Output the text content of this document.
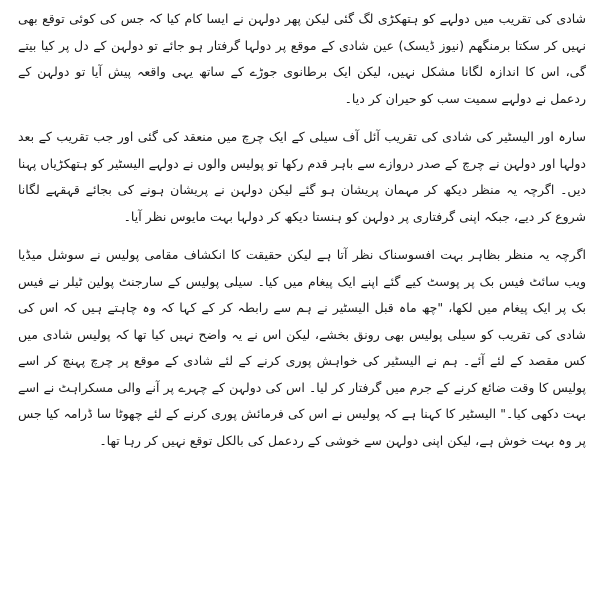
شادی کی تقریب میں دولہے کو ہتھکڑی لگ گئی لیکن پھر دولہن نے ایسا کام کیا کہ جس کی کوئی توقع بھی نہیں کر سکتا برمنگھم (نیوز ڈیسک) عین شادی کے موقع پر دولہا گرفتار ہو جائے تو دولہن کے دل پر کیا بیتے گی، اس کا اندازہ لگانا مشکل نہیں، لیکن ایک برطانوی جوڑے کے ساتھ یہی واقعہ پیش آیا تو دولہن کے ردعمل نے دولہے سمیت سب کو حیران کر دیا۔

سارہ اور الیسٹیر کی شادی کی تقریب آئل آف سیلی کے ایک چرچ میں منعقد کی گئی اور جب تقریب کے بعد دولہا اور دولہن نے چرچ کے صدر دروازے سے باہر قدم رکھا تو پولیس والوں نے دولہے الیسٹیر کو ہتھکڑیاں پہنا دیں۔ اگرچہ یہ منظر دیکھ کر مہمان پریشان ہو گئے لیکن دولہن نے پریشان ہونے کی بجائے قہقہے لگانا شروع کر دیے، جبکہ اپنی گرفتاری پر دولہن کو ہنستا دیکھ کر دولہا بہت مایوس نظر آیا۔

اگرچہ یہ منظر بظاہر بہت افسوسناک نظر آتا ہے لیکن حقیقت کا انکشاف مقامی پولیس نے سوشل میڈیا ویب سائٹ فیس بک پر پوسٹ کیے گئے اپنے ایک پیغام میں کیا۔ سیلی پولیس کے سارجنٹ پولین ٹیلر نے فیس بک پر ایک پیغام میں لکھا، "چھ ماہ قبل الیسٹیر نے ہم سے رابطہ کر کے کہا کہ وہ چاہتے ہیں کہ اس کی شادی کی تقریب کو سیلی پولیس بھی رونق بخشے، لیکن اس نے یہ واضح نہیں کیا تھا کہ پولیس شادی میں کس مقصد کے لئے آئے۔ ہم نے الیسٹیر کی خواہش پوری کرنے کے لئے شادی کے موقع پر چرچ پہنچ کر اسے پولیس کا وقت ضائع کرنے کے جرم میں گرفتار کر لیا۔ اس کی دولہن کے چہرے پر آنے والی مسکراہٹ نے اسے بہت دکھی کیا۔" الیسٹیر کا کہنا ہے کہ پولیس نے اس کی فرمائش پوری کرنے کے لئے چھوٹا سا ڈرامہ کیا جس پر وہ بہت خوش ہے، لیکن اپنی دولہن سے خوشی کے ردعمل کی بالکل توقع نہیں کر رہا تھا۔
